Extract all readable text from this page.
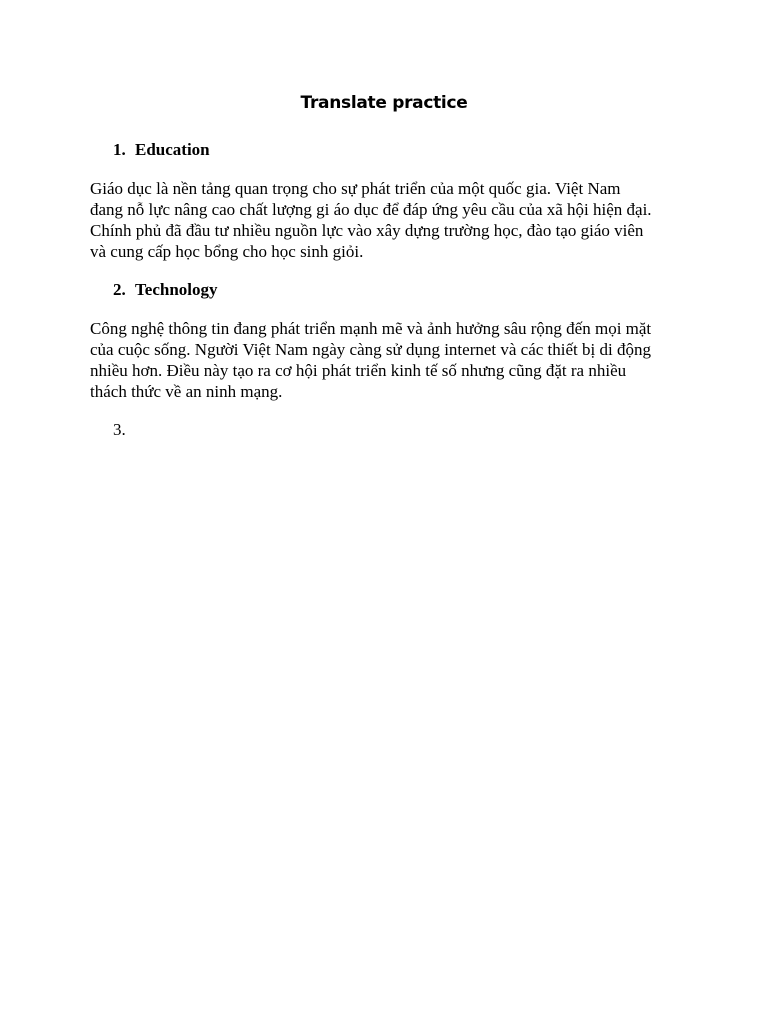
Translate practice
1. Education
Giáo dục là nền tảng quan trọng cho sự phát triển của một quốc gia. Việt Nam
đang nỗ lực nâng cao chất lượng gi áo dục để đáp ứng yêu cầu của xã hội hiện đại.
Chính phủ đã đầu tư nhiều nguồn lực vào xây dựng trường học, đào tạo giáo viên
và cung cấp học bổng cho học sinh giỏi.
2. Technology
Công nghệ thông tin đang phát triển mạnh mẽ và ảnh hưởng sâu rộng đến mọi mặt
của cuộc sống. Người Việt Nam ngày càng sử dụng internet và các thiết bị di động
nhiều hơn. Điều này tạo ra cơ hội phát triển kinh tế số nhưng cũng đặt ra nhiều
thách thức về an ninh mạng.
3.
